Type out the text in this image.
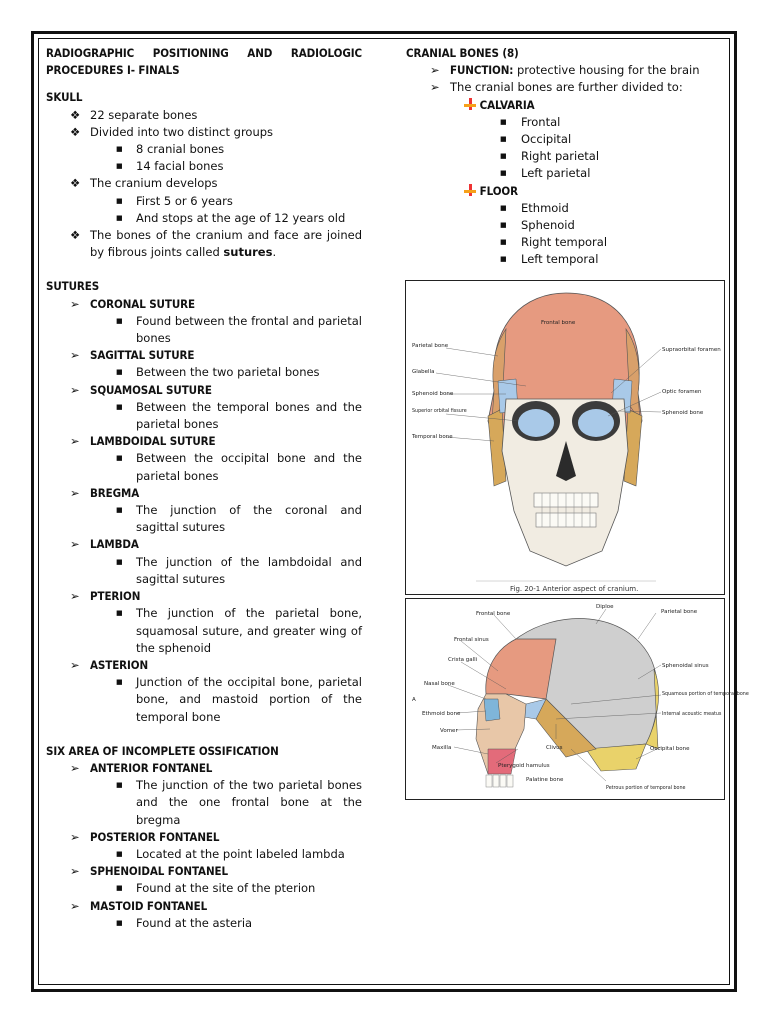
RADIOGRAPHIC POSITIONING AND RADIOLOGIC
PROCEDURES I- FINALS
SKULL
❖ 22 separate bones
❖ Divided into two distinct groups
■	8 cranial bones
■	14 facial bones
❖ The cranium develops
■	First 5 or 6 years
■	And stops at the age of 12 years old
❖ The bones of the cranium and face are joined by fibrous joints called sutures.
SUTURES
➢ CORONAL SUTURE
■	Found between the frontal and parietal bones
➢ SAGITTAL SUTURE
■	Between the two parietal bones
➢ SQUAMOSAL SUTURE
■	Between the temporal bones and the parietal bones
➢ LAMBDOIDAL SUTURE
■	Between the occipital bone and the parietal bones
➢ BREGMA
■	The junction of the coronal and sagittal sutures
➢ LAMBDA
■	The junction of the lambdoidal and sagittal sutures
➢ PTERION
■	The junction of the parietal bone, squamosal suture, and greater wing of the sphenoid
➢ ASTERION
■	Junction of the occipital bone, parietal bone, and mastoid portion of the temporal bone
SIX AREA OF INCOMPLETE OSSIFICATION
➢ ANTERIOR FONTANEL
■	The junction of the two parietal bones and the one frontal bone at the bregma
➢ POSTERIOR FONTANEL
■	Located at the point labeled lambda
➢ SPHENOIDAL FONTANEL
■	Found at the site of the pterion
➢ MASTOID FONTANEL
■	Found at the asteria
CRANIAL BONES (8)
➢ FUNCTION: protective housing for the brain
➢ The cranial bones are further divided to:
CALVARIA
■	Frontal
■	Occipital
■	Right parietal
■	Left parietal
FLOOR
■	Ethmoid
■	Sphenoid
■	Right temporal
■	Left temporal
Frontal bone
Parietal bone
Supraorbital foramen
Glabella
Sphenoid bone
Superior orbital fissure
Temporal bone
Optic foramen
Sphenoid bone
Fig. 20-1 Anterior aspect of cranium.
Frontal bone
Diploe
Parietal bone
Frontal sinus
Crista galli
Sphenoidal sinus
Nasal bone
Squamous portion of temporal bone
A
Ethmoid bone	Internal acoustic meatus
Vomer
Maxilla	Clivus	Occipital bone
Pterygoid hamulus
Palatine bone
Petrous portion of temporal bone
